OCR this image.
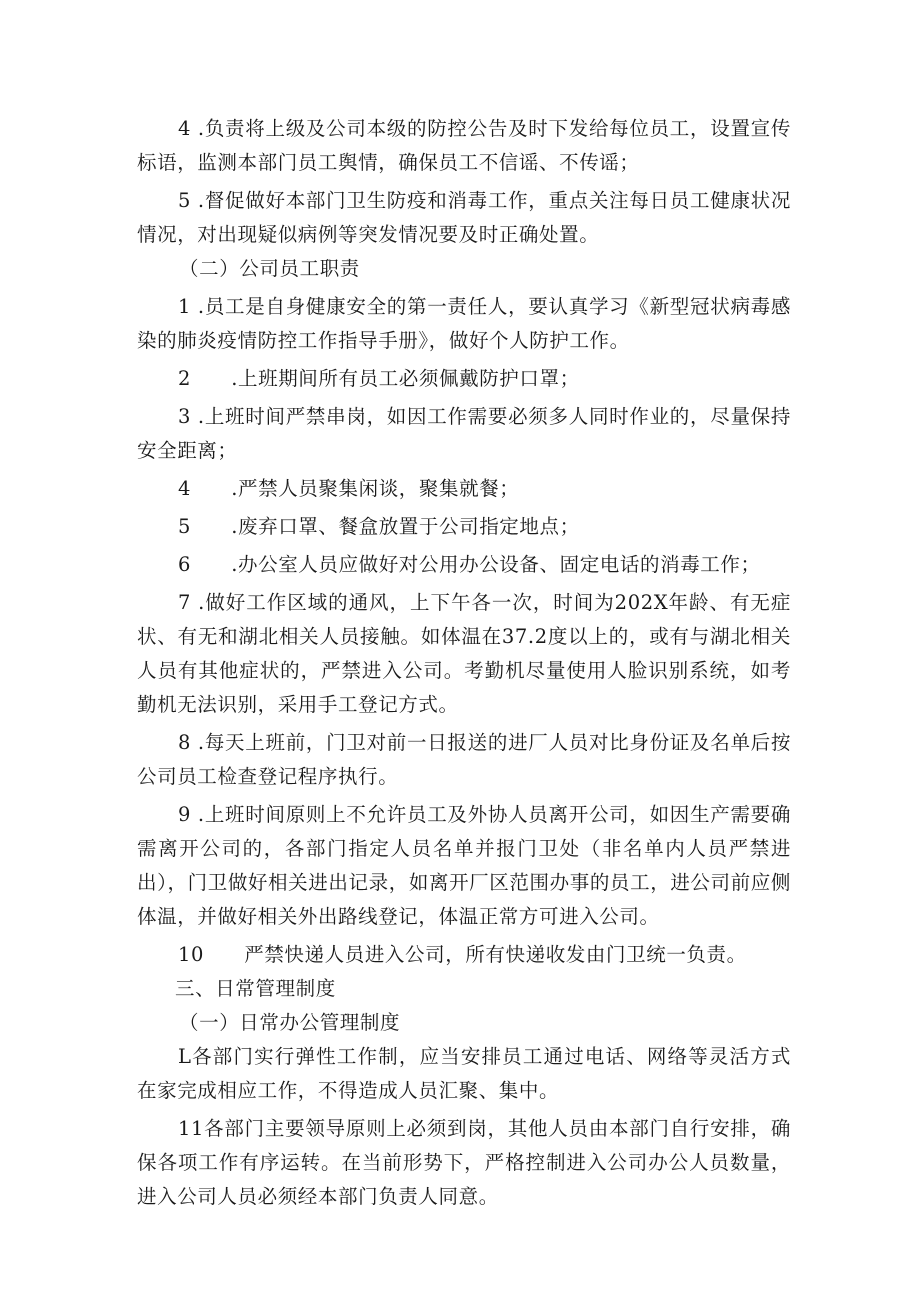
4 .负责将上级及公司本级的防控公告及时下发给每位员工，设置宣传标语，监测本部门员工舆情，确保员工不信谣、不传谣；

5 .督促做好本部门卫生防疫和消毒工作，重点关注每日员工健康状况情况，对出现疑似病例等突发情况要及时正确处置。

（二）公司员工职责

1 .员工是自身健康安全的第一责任人，要认真学习《新型冠状病毒感染的肺炎疫情防控工作指导手册》，做好个人防护工作。

2　　.上班期间所有员工必须佩戴防护口罩；

3 .上班时间严禁串岗，如因工作需要必须多人同时作业的，尽量保持安全距离；

4　　.严禁人员聚集闲谈，聚集就餐；

5　　.废弃口罩、餐盒放置于公司指定地点；

6　　.办公室人员应做好对公用办公设备、固定电话的消毒工作；

7 .做好工作区域的通风，上下午各一次，时间为202X年龄、有无症状、有无和湖北相关人员接触。如体温在37.2度以上的，或有与湖北相关人员有其他症状的，严禁进入公司。考勤机尽量使用人脸识别系统，如考勤机无法识别，采用手工登记方式。

8 .每天上班前，门卫对前一日报送的进厂人员对比身份证及名单后按公司员工检查登记程序执行。

9 .上班时间原则上不允许员工及外协人员离开公司，如因生产需要确需离开公司的，各部门指定人员名单并报门卫处（非名单内人员严禁进出），门卫做好相关进出记录，如离开厂区范围办事的员工，进公司前应侧体温，并做好相关外出路线登记，体温正常方可进入公司。

10　　严禁快递人员进入公司，所有快递收发由门卫统一负责。

三、日常管理制度

（一）日常办公管理制度

L各部门实行弹性工作制，应当安排员工通过电话、网络等灵活方式在家完成相应工作，不得造成人员汇聚、集中。

11各部门主要领导原则上必须到岗，其他人员由本部门自行安排，确保各项工作有序运转。在当前形势下，严格控制进入公司办公人员数量，进入公司人员必须经本部门负责人同意。
